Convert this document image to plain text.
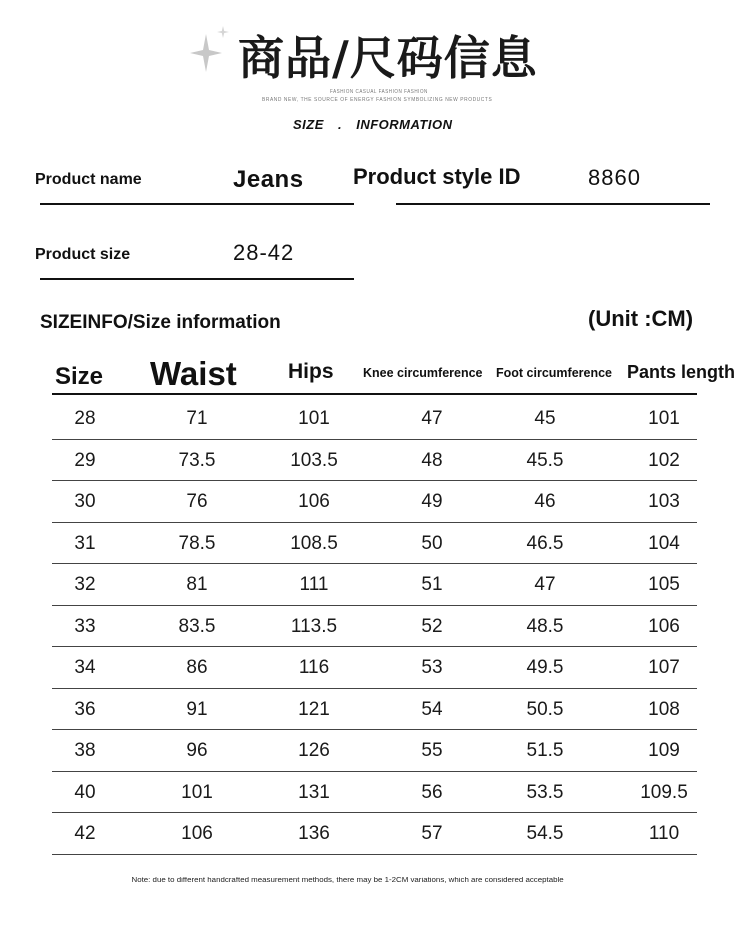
商品/尺码信息
FASHION CASUAL FASHION FASHION
BRAND NEW, THE SOURCE OF ENERGY FASHION SYMBOLIZING NEW PRODUCTS
SIZE . INFORMATION
Product name	Jeans Product style ID	8860
Product size	28-42
SIZEINFO/Size information	(Unit :CM)
Size Waist Hips Knee circumference Foot circumference Pants length
28	71	101	47	45	101
29	73.5	103.5	48	45.5	102
30	76	106	49	46	103
31	78.5	108.5	50	46.5	104
32	81	111	51	47	105
33	83.5	113.5	52	48.5	106
34	86	116	53	49.5	107
36	91	121	54	50.5	108
38	96	126	55	51.5	109
40	101	131	56	53.5	109.5
42	106	136	57	54.5	110
Note: due to different handcrafted measurement methods, there may be 1-2CM variations, which are considered acceptable
